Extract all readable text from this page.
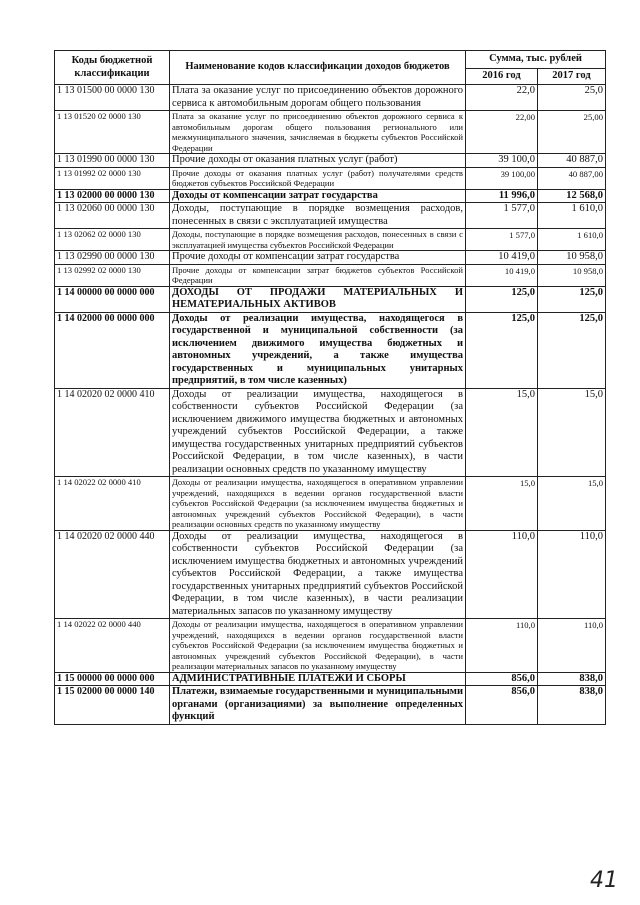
Коды бюджетной классификации	Наименование кодов классификации доходов бюджетов	Сумма, тыс. рублей	
		2016 год	2017 год
1 13 01500 00 0000 130	Плата за оказание услуг по присоединению объектов дорожного сервиса к автомобильным дорогам общего пользования	22,0	25,0
1 13 01520 02 0000 130	Плата за оказание услуг по присоединению объектов дорожного сервиса к автомобильным дорогам общего пользования регионального или межмуниципального значения, зачисляемая в бюджеты субъектов Российской Федерации	22,00	25,00
1 13 01990 00 0000 130	Прочие доходы от оказания платных услуг (работ)	39 100,0	40 887,0
1 13 01992 02 0000 130	Прочие доходы от оказания платных услуг (работ) получателями средств бюджетов субъектов Российской Федерации	39 100,00	40 887,00
1 13 02000 00 0000 130	Доходы от компенсации затрат государства	11 996,0	12 568,0
1 13 02060 00 0000 130	Доходы, поступающие в порядке возмещения расходов, понесенных в связи с эксплуатацией имущества	1 577,0	1 610,0
1 13 02062 02 0000 130	Доходы, поступающие в порядке возмещения расходов, понесенных в связи с эксплуатацией имущества субъектов Российской Федерации	1 577,0	1 610,0
1 13 02990 00 0000 130	Прочие доходы от компенсации затрат государства	10 419,0	10 958,0
1 13 02992 02 0000 130	Прочие доходы от компенсации затрат бюджетов субъектов Российской Федерации	10 419,0	10 958,0
1 14 00000 00 0000 000	ДОХОДЫ ОТ ПРОДАЖИ МАТЕРИАЛЬНЫХ И НЕМАТЕРИАЛЬНЫХ АКТИВОВ	125,0	125,0
1 14 02000 00 0000 000	Доходы от реализации имущества, находящегося в государственной и муниципальной собственности (за исключением движимого имущества бюджетных и автономных учреждений, а также имущества государственных и муниципальных унитарных предприятий, в том числе казенных)	125,0	125,0
1 14 02020 02 0000 410	Доходы от реализации имущества, находящегося в собственности субъектов Российской Федерации (за исключением движимого имущества бюджетных и автономных учреждений субъектов Российской Федерации, а также имущества государственных унитарных предприятий субъектов Российской Федерации, в том числе казенных), в части реализации основных средств по указанному имуществу	15,0	15,0
1 14 02022 02 0000 410	Доходы от реализации имущества, находящегося в оперативном управлении учреждений, находящихся в ведении органов государственной власти субъектов Российской Федерации (за исключением имущества бюджетных и автономных учреждений субъектов Российской Федерации), в части реализации основных средств по указанному имуществу	15,0	15,0
1 14 02020 02 0000 440	Доходы от реализации имущества, находящегося в собственности субъектов Российской Федерации (за исключением имущества бюджетных и автономных учреждений субъектов Российской Федерации, а также имущества государственных унитарных предприятий субъектов Российской Федерации, в том числе казенных), в части реализации материальных запасов по указанному имуществу	110,0	110,0
1 14 02022 02 0000 440	Доходы от реализации имущества, находящегося в оперативном управлении учреждений, находящихся в ведении органов государственной власти субъектов Российской Федерации (за исключением имущества бюджетных и автономных учреждений субъектов Российской Федерации), в части реализации материальных запасов по указанному имуществу	110,0	110,0
1 15 00000 00 0000 000	АДМИНИСТРАТИВНЫЕ ПЛАТЕЖИ И СБОРЫ	856,0	838,0
1 15 02000 00 0000 140	Платежи, взимаемые государственными и муниципальными органами (организациями) за выполнение определенных функций	856,0	838,0
41
